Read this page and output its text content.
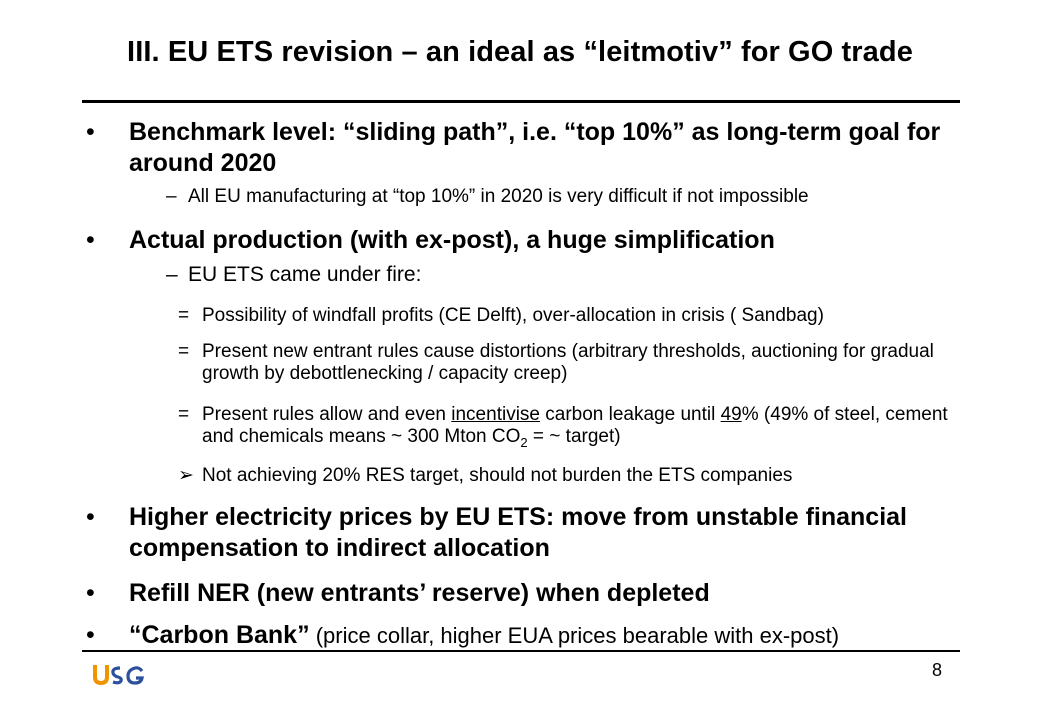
III. EU ETS revision – an ideal as “leitmotiv” for GO trade
• Benchmark level: “sliding path”, i.e. “top 10%” as long-term goal for around 2020
– All EU manufacturing at “top 10%” in 2020 is very difficult if not impossible
• Actual production (with ex-post), a huge simplification
– EU ETS came under fire:
= Possibility of windfall profits (CE Delft), over-allocation in crisis ( Sandbag)
= Present new entrant rules cause distortions (arbitrary thresholds, auctioning for gradual growth by debottlenecking / capacity creep)
= Present rules allow and even incentivise carbon leakage until 49% (49% of steel, cement and chemicals means ~ 300 Mton $CO_2$ = ~ target)
➢ Not achieving 20% RES target, should not burden the ETS companies
• Higher electricity prices by EU ETS: move from unstable financial compensation to indirect allocation
• Refill NER (new entrants’ reserve) when depleted
• “Carbon Bank” (price collar, higher EUA prices bearable with ex-post)
8
